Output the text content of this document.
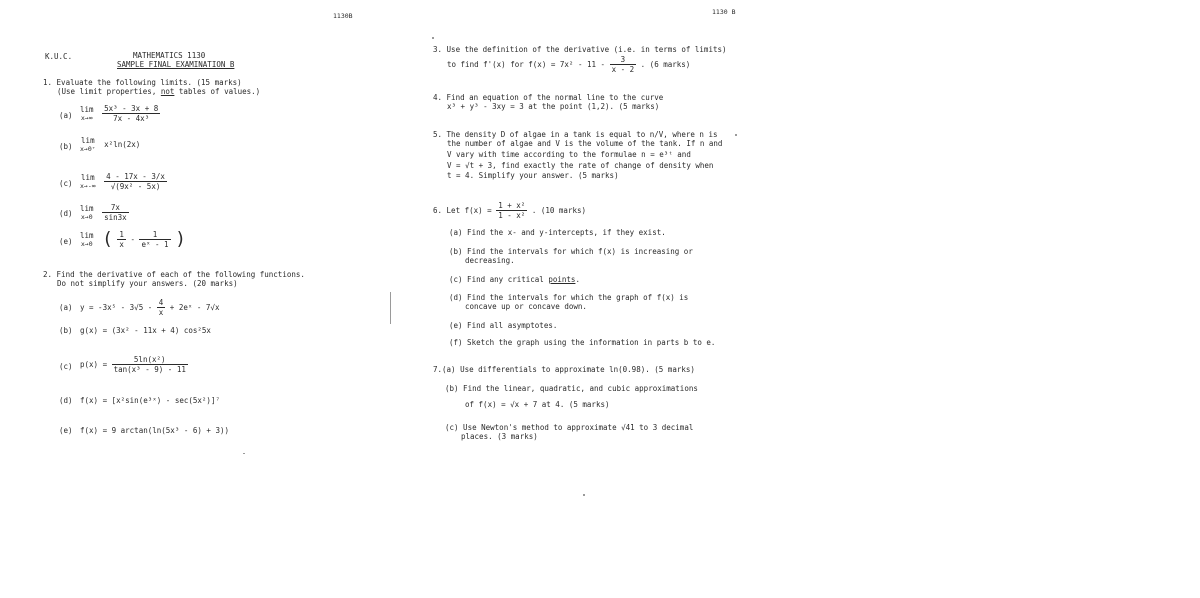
1130B	1130 B
K.U.C.	MATHEMATICS 1130
SAMPLE FINAL EXAMINATION B
1. Evaluate the following limits. (15 marks)
(Use limit properties, not tables of values.)
(a)
lim
x→∞
$\frac{\text{5x³ - 3x + 8}}{\text{7x - 4x³}}$
(b)
lim
x→0⁺ x²ln(2x)
(c)
lim
x→-∞
$\frac{4 - 17x - 3/x}{\text{√(9x² - 5x)}}$
(d)
lim
x→0
$\frac{7x}{\sin 3x}$
(e)
lim
x→0 ( $\frac{1}{x} - \frac{1}{\text{eˣ - 1}}$ )
2. Find the derivative of each of the following functions.
Do not simplify your answers. (20 marks)
(a) $y = -3x^5 - 3√5 - \frac{4}{x}$ + 2eˣ - 7√x
(b) g(x) = (3x² - 11x + 4) cos²5x
(c) $p(x) = \frac{\text{5ln(x²)}}{\text{tan(x³ - 9) - 11}}$
(d) f(x) = [x²sin(e³ˣ) - sec(5x²)]⁷
(e) f(x) = 9 arctan(ln(5x³ - 6) + 3))
3. Use the definition of the derivative (i.e. in terms of limits)
to find f'(x) for $f(x) = 7x^2 - 11 - \frac{3}{x - 2}$ . (6 marks)
4. Find an equation of the normal line to the curve
x³ + y³ - 3xy = 3 at the point (1,2). (5 marks)
5. The density D of algae in a tank is equal to n/V, where n is
the number of algae and V is the volume of the tank. If n and
V vary with time according to the formulae n = e³ᵗ and
V = √t + 3, find exactly the rate of change of density when
t = 4. Simplify your answer. (5 marks)
6. Let $f(x) = \frac{\text{1 + x²}}{\text{1 - x²}}$ . (10 marks)
(a) Find the x- and y-intercepts, if they exist.
(b) Find the intervals for which f(x) is increasing or
decreasing.
(c) Find any critical points.
(d) Find the intervals for which the graph of f(x) is
concave up or concave down.
(e) Find all asymptotes.
(f) Sketch the graph using the information in parts b to e.
7.(a) Use differentials to approximate ln(0.98). (5 marks)
(b) Find the linear, quadratic, and cubic approximations
of f(x) = √x + 7 at 4. (5 marks)
(c) Use Newton's method to approximate √41 to 3 decimal
places. (3 marks)
